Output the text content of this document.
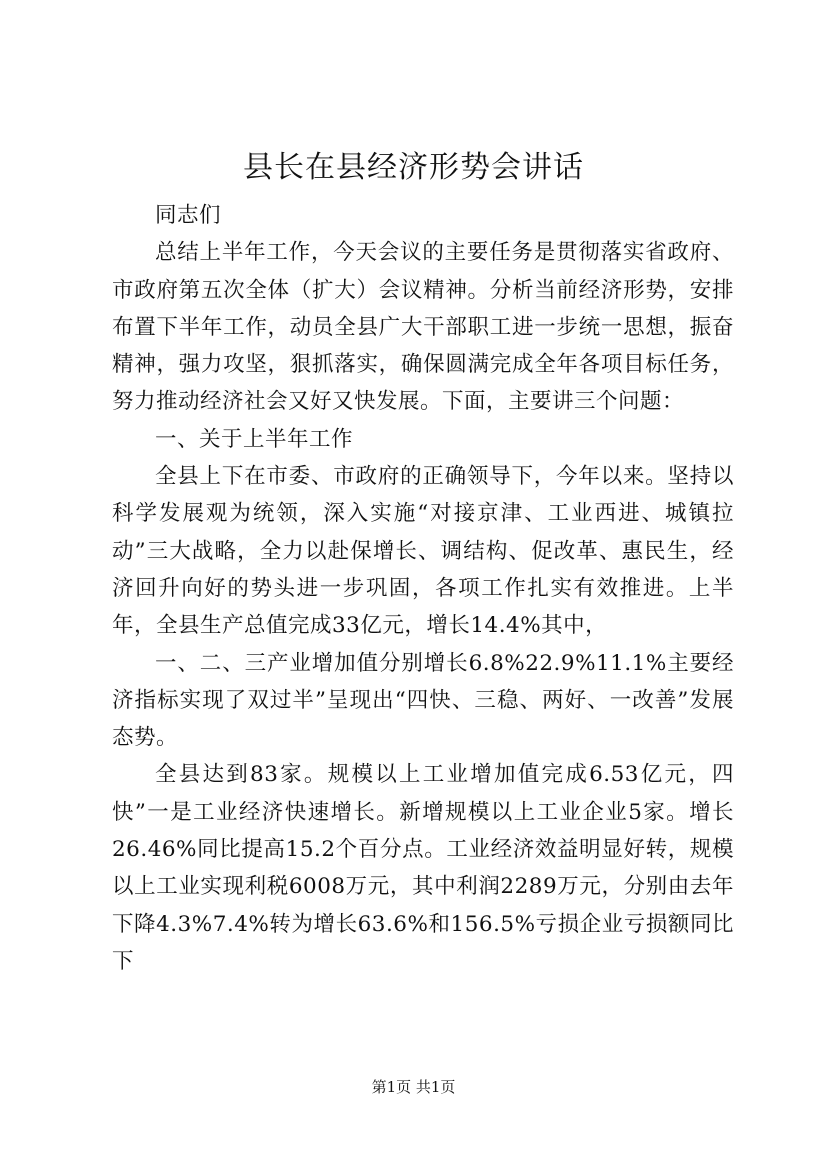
县长在县经济形势会讲话

同志们

总结上半年工作，今天会议的主要任务是贯彻落实省政府、市政府第五次全体（扩大）会议精神。分析当前经济形势，安排布置下半年工作，动员全县广大干部职工进一步统一思想，振奋精神，强力攻坚，狠抓落实，确保圆满完成全年各项目标任务，努力推动经济社会又好又快发展。下面，主要讲三个问题：

一、关于上半年工作

全县上下在市委、市政府的正确领导下，今年以来。坚持以科学发展观为统领，深入实施“对接京津、工业西进、城镇拉动”三大战略，全力以赴保增长、调结构、促改革、惠民生，经济回升向好的势头进一步巩固，各项工作扎实有效推进。上半年，全县生产总值完成33亿元，增长14.4%其中，

一、二、三产业增加值分别增长6.8%22.9%11.1%主要经济指标实现了双过半”呈现出“四快、三稳、两好、一改善”发展态势。

全县达到83家。规模以上工业增加值完成6.53亿元，四快”一是工业经济快速增长。新增规模以上工业企业5家。增长26.46%同比提高15.2个百分点。工业经济效益明显好转，规模以上工业实现利税6008万元，其中利润2289万元，分别由去年下降4.3%7.4%转为增长63.6%和156.5%亏损企业亏损额同比下

第1页 共1页
